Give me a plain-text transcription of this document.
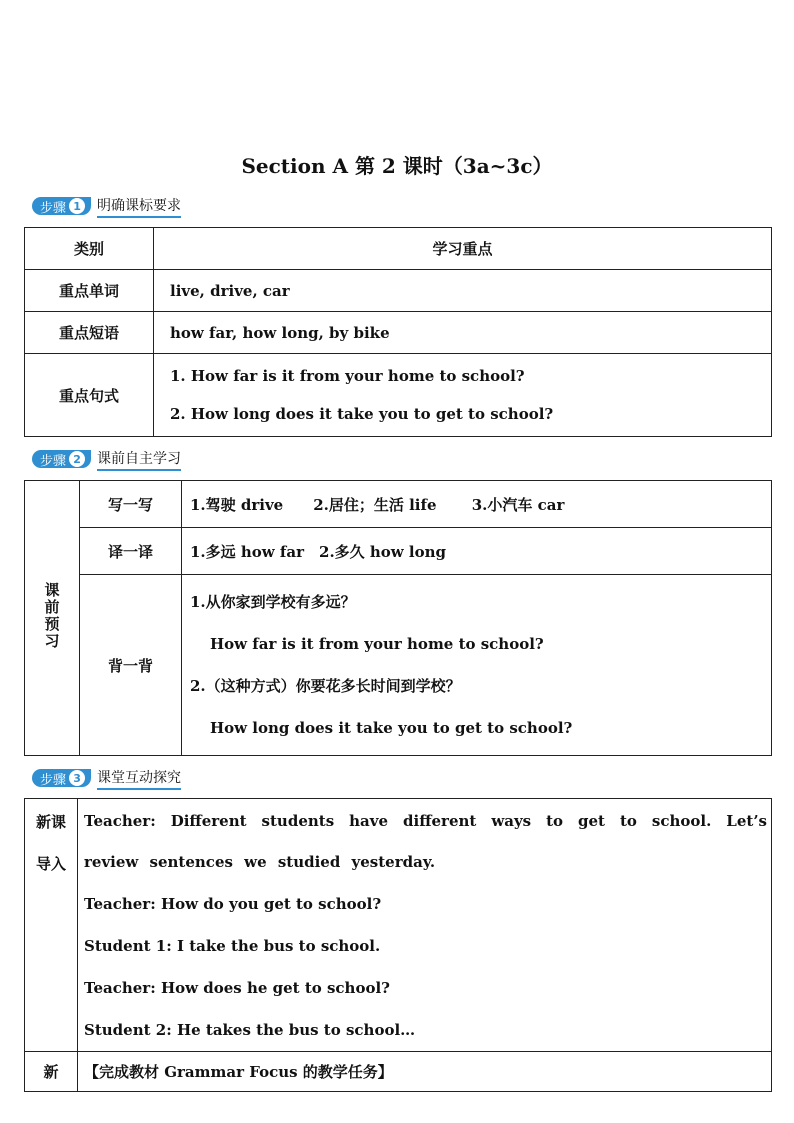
Section A 第 2 课时（3a~3c）
步骤 1 明确课标要求
类别	学习重点
重点单词	live, drive, car
重点短语	how far, how long, by bike
重点句式	1. How far is it from your home to school?
2. How long does it take you to get to school?
步骤 2 课前自主学习
课前预习	写一写	1.驾驶 drive　　2.居住；生活 life　　 3.小汽车 car
	译一译	1.多远 how far　2.多久 how long
	背一背	1.从你家到学校有多远？
How far is it from your home to school?
2.（这种方式）你要花多长时间到学校？
How long does it take you to get to school?
步骤 3 课堂互动探究
新课导入	Teacher: Different students have different ways to get to school. Let’s review sentences we studied yesterday.
Teacher: How do you get to school?
Student 1: I take the bus to school.
Teacher: How does he get to school?
Student 2: He takes the bus to school…

新	【完成教材 Grammar Focus 的教学任务】
